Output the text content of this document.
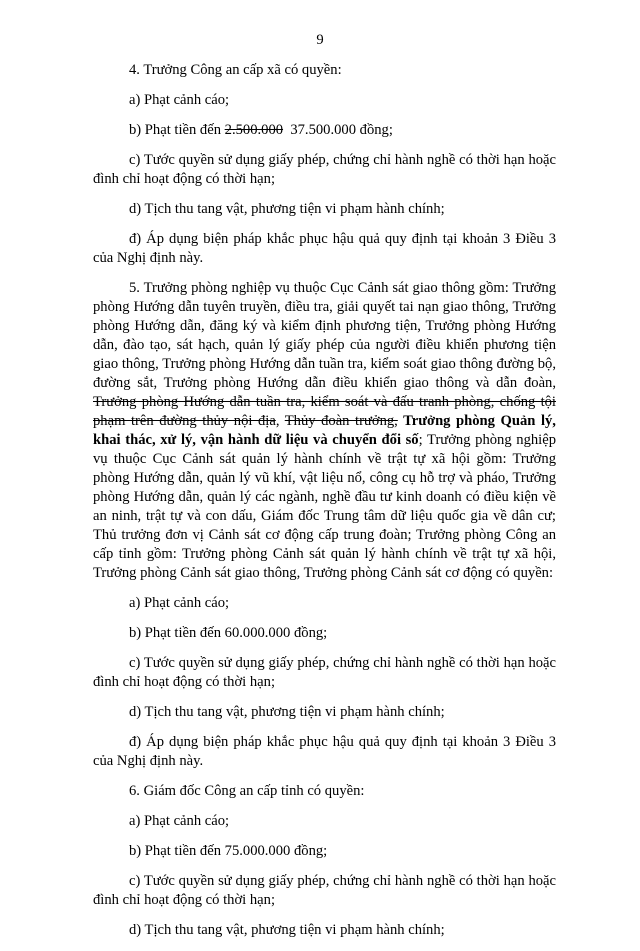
9

4. Trưởng Công an cấp xã có quyền:

a) Phạt cảnh cáo;

b) Phạt tiền đến 2.500.000  37.500.000 đồng;

c) Tước quyền sử dụng giấy phép, chứng chỉ hành nghề có thời hạn hoặc đình chỉ hoạt động có thời hạn;

d) Tịch thu tang vật, phương tiện vi phạm hành chính;

đ) Áp dụng biện pháp khắc phục hậu quả quy định tại khoản 3 Điều 3 của Nghị định này.

5. Trưởng phòng nghiệp vụ thuộc Cục Cảnh sát giao thông gồm: Trưởng phòng Hướng dẫn tuyên truyền, điều tra, giải quyết tai nạn giao thông, Trưởng phòng Hướng dẫn, đăng ký và kiểm định phương tiện, Trưởng phòng Hướng dẫn, đào tạo, sát hạch, quản lý giấy phép của người điều khiển phương tiện giao thông, Trưởng phòng Hướng dẫn tuần tra, kiểm soát giao thông đường bộ, đường sắt, Trưởng phòng Hướng dẫn điều khiển giao thông và dẫn đoàn, Trưởng phòng Hướng dẫn tuần tra, kiểm soát và đấu tranh phòng, chống tội phạm trên đường thủy nội địa, Thủy đoàn trưởng, Trưởng phòng Quản lý, khai thác, xử lý, vận hành dữ liệu và chuyển đổi số; Trưởng phòng nghiệp vụ thuộc Cục Cảnh sát quản lý hành chính về trật tự xã hội gồm: Trưởng phòng Hướng dẫn, quản lý vũ khí, vật liệu nổ, công cụ hỗ trợ và pháo, Trưởng phòng Hướng dẫn, quản lý các ngành, nghề đầu tư kinh doanh có điều kiện về an ninh, trật tự và con dấu, Giám đốc Trung tâm dữ liệu quốc gia về dân cư; Thủ trưởng đơn vị Cảnh sát cơ động cấp trung đoàn; Trưởng phòng Công an cấp tỉnh gồm: Trưởng phòng Cảnh sát quản lý hành chính về trật tự xã hội, Trưởng phòng Cảnh sát giao thông, Trưởng phòng Cảnh sát cơ động có quyền:

a) Phạt cảnh cáo;

b) Phạt tiền đến 60.000.000 đồng;

c) Tước quyền sử dụng giấy phép, chứng chỉ hành nghề có thời hạn hoặc đình chỉ hoạt động có thời hạn;

d) Tịch thu tang vật, phương tiện vi phạm hành chính;

đ) Áp dụng biện pháp khắc phục hậu quả quy định tại khoản 3 Điều 3 của Nghị định này.

6. Giám đốc Công an cấp tỉnh có quyền:

a) Phạt cảnh cáo;

b) Phạt tiền đến 75.000.000 đồng;

c) Tước quyền sử dụng giấy phép, chứng chỉ hành nghề có thời hạn hoặc đình chỉ hoạt động có thời hạn;

d) Tịch thu tang vật, phương tiện vi phạm hành chính;
